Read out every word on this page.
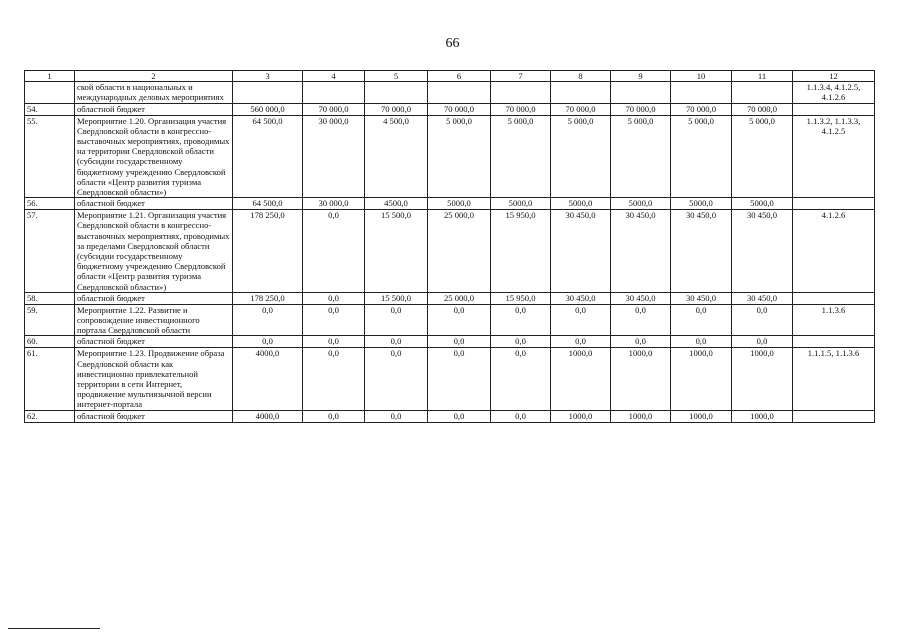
66
1	2	3	4	5	6	7	8	9	10	11	12
	ской области в национальных и международных деловых мероприятиях										1.1.3.4, 4.1.2.5, 4.1.2.6
54.	областной бюджет	560 000,0	70 000,0	70 000,0	70 000,0	70 000,0	70 000,0	70 000,0	70 000,0	70 000,0	
55.	Мероприятие 1.20. Организация участия Свердловской области в конгрессно-выставочных мероприятиях, проводимых на территории Свердловской области (субсидии государственному бюджетному учреждению Свердловской области «Центр развития туризма Свердловской области»)	64 500,0	30 000,0	4 500,0	5 000,0	5 000,0	5 000,0	5 000,0	5 000,0	5 000,0	1.1.3.2, 1.1.3.3, 4.1.2.5
56.	областной бюджет	64 500,0	30 000,0	4500,0	5000,0	5000,0	5000,0	5000,0	5000,0	5000,0	
57.	Мероприятие 1.21. Организация участия Свердловской области в конгрессно-выставочных мероприятиях, проводимых за пределами Свердловской области (субсидии государственному бюджетному учреждению Свердловской области «Центр развития туризма Свердловской области»)	178 250,0	0,0	15 500,0	25 000,0	15 950,0	30 450,0	30 450,0	30 450,0	30 450,0	4.1.2.6
58.	областной бюджет	178 250,0	0,0	15 500,0	25 000,0	15 950,0	30 450,0	30 450,0	30 450,0	30 450,0	
59.	Мероприятие 1.22. Развитие и сопровождение инвестиционного портала Свердловской области	0,0	0,0	0,0	0,0	0,0	0,0	0,0	0,0	0,0	1.1.3.6
60.	областной бюджет	0,0	0,0	0,0	0,0	0,0	0,0	0,0	0,0	0,0	
61.	Мероприятие 1.23. Продвижение образа Свердловской области как инвестиционно привлекательной территории в сети Интернет, продвижение мультиязычной версии интернет-портала	4000,0	0,0	0,0	0,0	0,0	1000,0	1000,0	1000,0	1000,0	1.1.1.5, 1.1.3.6
62.	областной бюджет	4000,0	0,0	0,0	0,0	0,0	1000,0	1000,0	1000,0	1000,0	
